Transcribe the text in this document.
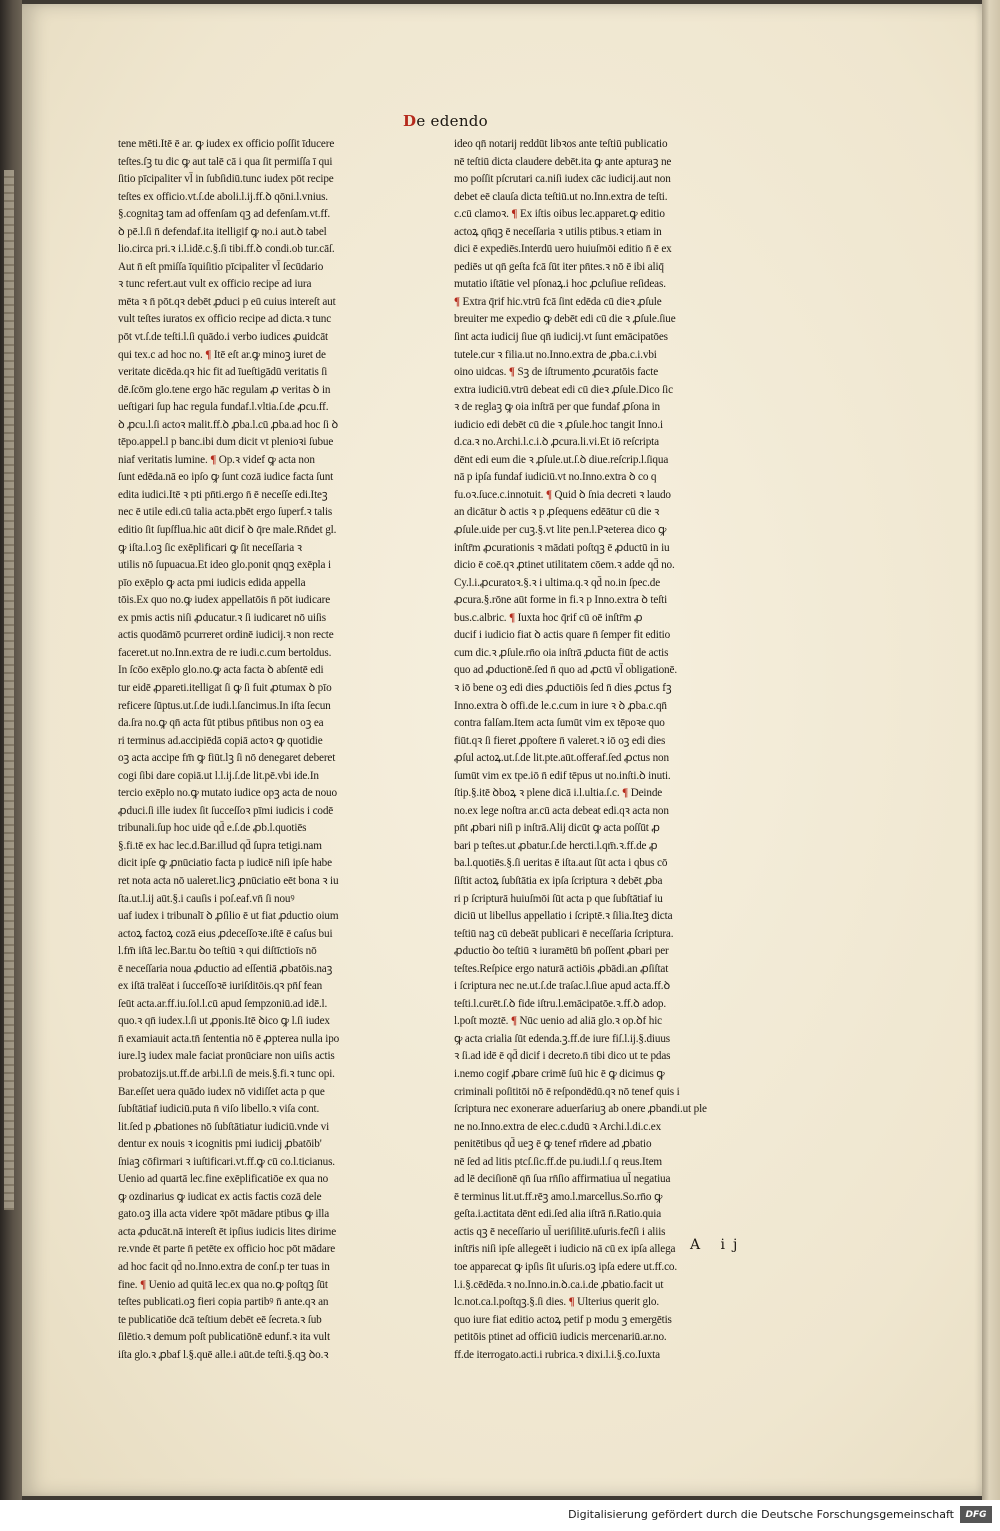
De edendo
tene mēti.Itē ē ar. ꝙ iudex ex officio poſſit īducere
teſtes.ſꝫ tu dic ꝙ aut talē cā i qua ſit permiſſa ī qui
ſitio pīcipaliter vl̄ in ſubſidiū.tunc iudex pōt recipe
teſtes ex officio.vt.ſ.de aboli.l.ij.ff.ꝺ qōni.l.vnius.
§.cognitaꝫ tam ad offenſam qꝫ ad defenſam.vt.ff.
ꝺ pē.l.ſi n̄ defendaf.ita itelligif ꝙ no.i aut.ꝺ tabel
lio.circa pri.ꝛ i.l.idē.c.§.ſi tibi.ff.ꝺ condi.ob tur.cāſ.
Aut n̄ eſt pmiſſa īquiſitio pīcipaliter vl̄ ſecūdario
ꝛ tunc refert.aut vult ex officio recipe ad iura
mēta ꝛ n̄ pōt.qꝛ debēt ꝓduci p eū cuius intereſt aut
vult teſtes iuratos ex officio recipe ad dicta.ꝛ tunc
pōt vt.ſ.de teſti.l.ſi quādo.i verbo iudices ꝓuidcāt
qui tex.c ad hoc no. ¶ Itē eſt ar.ꝙ minoꝫ iuret de
veritate dicēda.qꝛ hic fit ad īueſtigādū veritatis ſi
dē.ſcōm glo.tene ergo hāc regulam ꝓ veritas ꝺ in
ueſtigari ſup hac regula fundaf.l.vltia.ſ.de ꝓcu.ff.
ꝺ ꝓcu.l.ſi actoꝛ malit.ff.ꝺ ꝓba.l.cū ꝓba.ad hoc ſi ꝺ
tēpo.appel.l p banc.ibi dum dicit vt plenioꝛi ſubue
niaf veritatis lumine. ¶ Op.ꝛ videf ꝙ acta non
ſunt edēda.nā eo ipſo ꝙ ſunt cozā iudice facta ſunt
edita iudici.Itē ꝛ pti pn̄ti.ergo n̄ ē neceſſe edi.Iteꝫ
nec ē utile edi.cū talia acta.pbēt ergo ſuperf.ꝛ talis
editio ſit ſupſflua.hic aūt dicif ꝺ q̄re male.Rn̄det gl.
ꝙ iſta.l.oꝫ ſic exēplificari ꝙ ſit neceſſaria ꝛ
utilis nō ſupuacua.Et ideo glo.ponit qnqꝫ exēpla i
pīo exēplo ꝙ acta pmi iudicis edida appella
tōis.Ex quo no.ꝙ iudex appellatōis n̄ pōt iudicare
ex pmis actis niſi ꝓducatur.ꝛ ſi iudicaret nō uiſis
actis quodāmō pcurreret ordinē iudicij.ꝛ non recte
faceret.ut no.Inn.extra de re iudi.c.cum bertoldus.
In ſcōo exēplo glo.no.ꝙ acta facta ꝺ abſentē edi
tur eidē ꝓpareti.itelligat ſi ꝙ ſi fuit ꝓtumax ꝺ pīo
reficere ſūptus.ut.ſ.de iudi.l.ſancimus.In iſta ſecun
da.ſra no.ꝙ qn̄ acta fūt ptibus pn̄tibus non oꝫ ea
ri terminus ad.accipiēdā copiā actoꝛ ꝙ quotidie
oꝫ acta accipe fm̄ ꝙ fiūt.lꝫ ſi nō denegaret deberet
cogi ſibi dare copiā.ut l.l.ij.ſ.de lit.pē.vbi ide.In
tercio exēplo no.ꝙ mutato iudice opꝫ acta de nouo
ꝓduci.ſi ille iudex ſit ſucceſſoꝛ pīmi iudicis i codē
tribunali.ſup hoc uide qd̄ e.ſ.de ꝓb.l.quotiēs
§.fi.tē ex hac lec.d.Bar.illud qd̄ ſupra tetigi.nam
dicit ipſe ꝙ ꝓnūciatio facta p iudicē niſi ipſe habe
ret nota acta nō ualeret.licꝫ ꝓnūciatio eēt bona ꝛ iu
ſta.ut.l.ij aūt.§.i cauſis i poſ.eaf.vn̄ ſi nouꝰ
uaf iudex i tribunalī ꝺ ꝓſilio ē ut fiat ꝓductio oium
actoꝝ factoꝝ cozā eius ꝓdeceſſoꝛe.iſtē ē caſus bui
l.fm̄ iſtā lec.Bar.tu ꝺo teſtiū ꝛ qui diſtīctioīs nō
ē neceſſaria noua ꝓductio ad eſſentiā ꝓbatōis.naꝫ
ex iſtā tralēat i ſucceſſoꝛē iuriſditōis.qꝛ pn̄ſ fean
ſeūt acta.ar.ff.iu.ſol.l.cū apud ſempzoniū.ad idē.l.
quo.ꝛ qn̄ iudex.l.ſi ut ꝓponis.Itē ꝺico ꝙ l.ſi iudex
n̄ examiauit acta.tn̄ ſententia nō ē ꝓpterea nulla ipo
iure.lꝫ iudex male faciat pronūciare non uiſis actis
probatozijs.ut.ff.de arbi.l.ſi de meis.§.fi.ꝛ tunc opi.
Bar.eſſet uera quādo iudex nō vidiſſet acta p que
ſubſtātiaf iudiciū.puta n̄ viſo libello.ꝛ viſa cont.
lit.ſed p ꝓbationes nō ſubſtātiatur iudiciū.vnde vi
dentur ex nouis ꝛ icognitis pmi iudicij ꝓbatōib'
ſniaꝫ cōfirmari ꝛ iuſtificari.vt.ff.ꝙ cū co.l.ticianus.
Uenio ad quartā lec.fine exēplificatiōe ex qua no
ꝙ ozdinarius ꝙ iudicat ex actis factis cozā dele
gato.oꝫ illa acta videre ꝛpōt mādare ptibus ꝙ illa
acta ꝓducāt.nā intereſt ēt ipſius iudicis lites dirime
re.vnde ēt parte n̄ petēte ex officio hoc pōt mādare
ad hoc facit qd̄ no.Inno.extra de conſ.p ter tuas in
fine. ¶ Uenio ad quitā lec.ex qua no.ꝙ poſtqꝫ ſūt
teſtes publicati.oꝫ fieri copia partibꝰ n̄ ante.qꝛ an
te publicatiōe dcā teſtium debēt eē ſecreta.ꝛ ſub
ſilētio.ꝛ demum poſt publicatiōnē edunf.ꝛ ita vult
iſta glo.ꝛ ꝓbaf l.§.quē alle.i aūt.de teſti.§.qꝫ ꝺo.ꝛ
ideo qn̄ notarij reddūt libꝛos ante teſtiū publicatio
nē teſtiū dicta claudere debēt.ita ꝙ ante apturaꝫ ne
mo poſſit pſcrutari ca.niſi iudex cāc iudicij.aut non
debet eē clauſa dicta teſtiū.ut no.Inn.extra de teſti.
c.cū clamoꝛ. ¶ Ex iſtis oibus lec.apparet.ꝙ editio
actoꝝ qn̄qꝫ ē neceſſaria ꝛ utilis ptibus.ꝛ etiam in
dici ē expediēs.Interdū uero huiuſmōi editio n̄ ē ex
pediēs ut qn̄ geſta fcā ſūt iter pn̄tes.ꝛ nō ē ibi aliq̄
mutatio iſtātie vel pſonaꝝ.i hoc ꝓcluſiue reſideas.
¶ Extra q̄rif hic.vtrū fcā ſint edēda cū dieꝛ ꝓſule
breuiter me expedio ꝙ debēt edi cū die ꝛ ꝓſule.ſiue
ſint acta iudicij ſiue qn̄ iudicij.vt ſunt emācipatōes
tutele.cur ꝛ filia.ut no.Inno.extra de ꝓba.c.i.vbi
oino uidcas. ¶ Sꝫ de iſtrumento ꝓcuratōis facte
extra iudiciū.vtrū debeat edi cū dieꝛ ꝓſule.Dico ſic
ꝛ de reglaꝫ ꝙ oia inſtrā per que fundaf ꝓſona in
iudicio edi debēt cū die ꝛ ꝓſule.hoc tangit Inno.i
d.ca.ꝛ no.Archi.l.c.i.ꝺ ꝓcura.li.vi.Et iō reſcripta
dēnt edi eum die ꝛ ꝓſule.ut.ſ.ꝺ diue.reſcrip.l.ſiqua
nā p ipſa fundaf iudiciū.vt no.Inno.extra ꝺ co q
fu.oꝛ.ſuce.c.innotuit. ¶ Quid ꝺ ſnia decreti ꝛ laudo
an dicātur ꝺ actis ꝛ p ꝓſequens edēātur cū die ꝛ
ꝓſule.uide per cuꝫ.§.vt lite pen.l.Pꝛeterea dico ꝙ
inſtr̄m ꝓcurationis ꝛ mādati poſtqꝫ ē ꝓductū in iu
dicio ē coē.qꝛ ꝓtinet utilitatem cōem.ꝛ adde qd̄ no.
Cy.l.i.ꝓcuratoꝛ.§.ꝛ i ultima.q.ꝛ qd̄ no.in ſpec.de
ꝓcura.§.rōne aūt forme in fi.ꝛ p Inno.extra ꝺ teſti
bus.c.albric. ¶ Iuxta hoc q̄rif cū oē inſtr̄m ꝓ
ducif i iudicio fiat ꝺ actis quare n̄ ſemper fit editio
cum dic.ꝛ ꝓſule.rn̄o oia inſtrā ꝓducta fiūt de actis
quo ad ꝓductionē.ſed n̄ quo ad ꝓctū vl̄ obligationē.
ꝛ iō bene oꝫ edi dies ꝓductiōis ſed n̄ dies ꝓctus fꝫ
Inno.extra ꝺ offi.de le.c.cum in iure ꝛ ꝺ ꝓba.c.qn̄
contra falſam.Item acta ſumūt vim ex tēpoꝛe quo
fiūt.qꝛ ſi fieret ꝓpoſtere n̄ valeret.ꝛ iō oꝫ edi dies
ꝓſul actoꝝ.ut.ſ.de lit.pte.aūt.offeraf.ſed ꝓctus non
ſumūt vim ex tpe.iō n̄ edif tēpus ut no.inſti.ꝺ inuti.
ſtip.§.itē ꝺboꝝ ꝛ plene dicā i.l.ultia.ſ.c. ¶ Deinde
no.ex lege noſtra ar.cū acta debeat edi.qꝛ acta non
pn̄t ꝓbari niſi p inſtrā.Alij dicūt ꝙ acta poſſūt ꝓ
bari p teſtes.ut ꝓbatur.ſ.de hercti.l.qm̄.ꝛ.ff.de ꝓ
ba.l.quotiēs.§.ſi ueritas ē iſta.aut ſūt acta i qbus cō
ſiſtit actoꝝ ſubſtātia ex ipſa ſcriptura ꝛ debēt ꝓba
ri p ſcripturā huiuſmōi ſūt acta p que ſubſtātiaf iu
diciū ut libellus appellatio i ſcriptē.ꝛ ſilia.Iteꝫ dicta
teſtiū naꝫ cū debeāt publicari ē neceſſaria ſcriptura.
ꝓductio ꝺo teſtiū ꝛ iuramētū bn̄ poſſent ꝓbari per
teſtes.Reſpice ergo naturā actiōis ꝓbādi.an ꝓſiſtat
i ſcriptura nec ne.ut.ſ.de traſac.l.ſiue apud acta.ff.ꝺ
teſti.l.curēt.ſ.ꝺ fide iſtru.l.emācipatōe.ꝛ.ff.ꝺ adop.
l.poſt moztē. ¶ Nūc uenio ad aliā glo.ꝛ op.ꝺf hic
ꝙ acta crialia ſūt edenda.ꝫ.ff.de iure fiſ.l.ij.§.diuus
ꝛ ſi.ad idē ē qd̄ dicif i decreto.n̄ tibi dico ut te pdas
i.nemo cogif ꝓbare crimē ſuū hic ē ꝙ dicimus ꝙ
criminali poſititōi nō ē reſpondēdū.qꝛ nō tenef quis i
ſcriptura nec exonerare aduerſariuꝫ ab onere ꝓbandi.ut ple
ne no.Inno.extra de elec.c.dudū ꝛ Archi.l.di.c.ex
penitētibus qd̄ ueꝫ ē ꝙ tenef rn̄dere ad ꝓbatio
nē ſed ad litis ptcſ.ſic.ff.de pu.iudi.l.ſ q reus.Item
ad lē deciſionē qn̄ ſua rn̄ſio affirmatiua ul̄ negatiua
ē terminus lit.ut.ff.rēꝫ amo.l.marcellus.So.rn̄o ꝙ
geſta.i.actitata dēnt edi.ſed alia iſtrā n̄.Ratio.quia
actis qꝫ ē neceſſario ul̄ ueriſilitē.uſuris.fec̄ſi i aliis
inſtr̄is niſi ipſe allegeēt i iudicio nā cū ex ipſa allega
toe apparecat ꝙ ipſis ſit uſuris.oꝫ ipſa edere ut.ff.co.
l.i.§.cēdēda.ꝛ no.Inno.in.ꝺ.ca.i.de ꝓbatio.facit ut
lc.not.ca.l.poſtqꝫ.§.ſi dies. ¶ Ulterius querit glo.
quo iure fiat editio actoꝝ petif p modu ꝫ emergētis
petitōis ptinet ad officiū iudicis mercenariū.ar.no.
ff.de iterrogato.acti.i rubrica.ꝛ dixi.l.i.§.co.Iuxta
A ij
Digitalisierung gefördert durch die Deutsche Forschungsgemeinschaft DFG
